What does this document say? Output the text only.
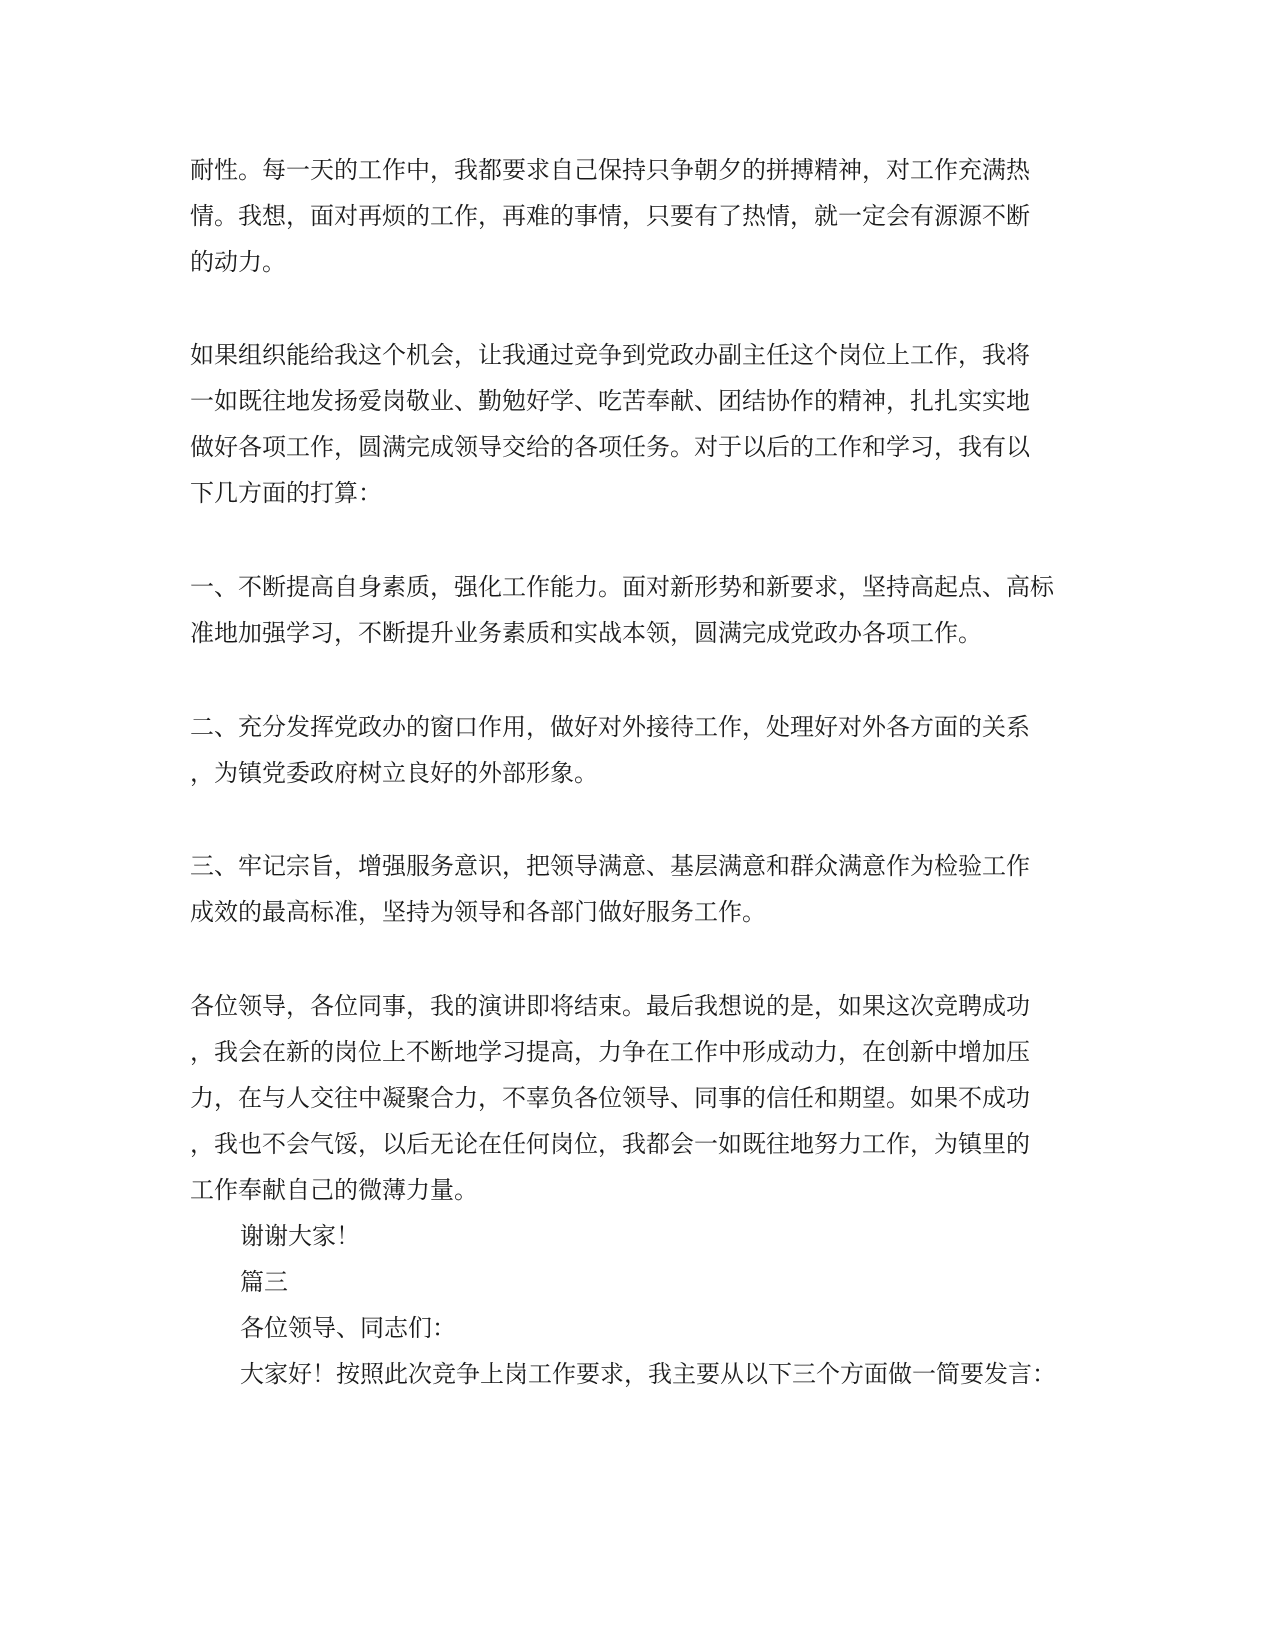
耐性。每一天的工作中，我都要求自己保持只争朝夕的拼搏精神，对工作充满热
情。我想，面对再烦的工作，再难的事情，只要有了热情，就一定会有源源不断
的动力。
如果组织能给我这个机会，让我通过竞争到党政办副主任这个岗位上工作，我将
一如既往地发扬爱岗敬业、勤勉好学、吃苦奉献、团结协作的精神，扎扎实实地
做好各项工作，圆满完成领导交给的各项任务。对于以后的工作和学习，我有以
下几方面的打算：
一、不断提高自身素质，强化工作能力。面对新形势和新要求，坚持高起点、高标
准地加强学习，不断提升业务素质和实战本领，圆满完成党政办各项工作。
二、充分发挥党政办的窗口作用，做好对外接待工作，处理好对外各方面的关系
，为镇党委政府树立良好的外部形象。
三、牢记宗旨，增强服务意识，把领导满意、基层满意和群众满意作为检验工作
成效的最高标准，坚持为领导和各部门做好服务工作。
各位领导，各位同事，我的演讲即将结束。最后我想说的是，如果这次竞聘成功
，我会在新的岗位上不断地学习提高，力争在工作中形成动力，在创新中增加压
力，在与人交往中凝聚合力，不辜负各位领导、同事的信任和期望。如果不成功
，我也不会气馁，以后无论在任何岗位，我都会一如既往地努力工作，为镇里的
工作奉献自己的微薄力量。
谢谢大家！
篇三
各位领导、同志们：
大家好！按照此次竞争上岗工作要求，我主要从以下三个方面做一简要发言：
